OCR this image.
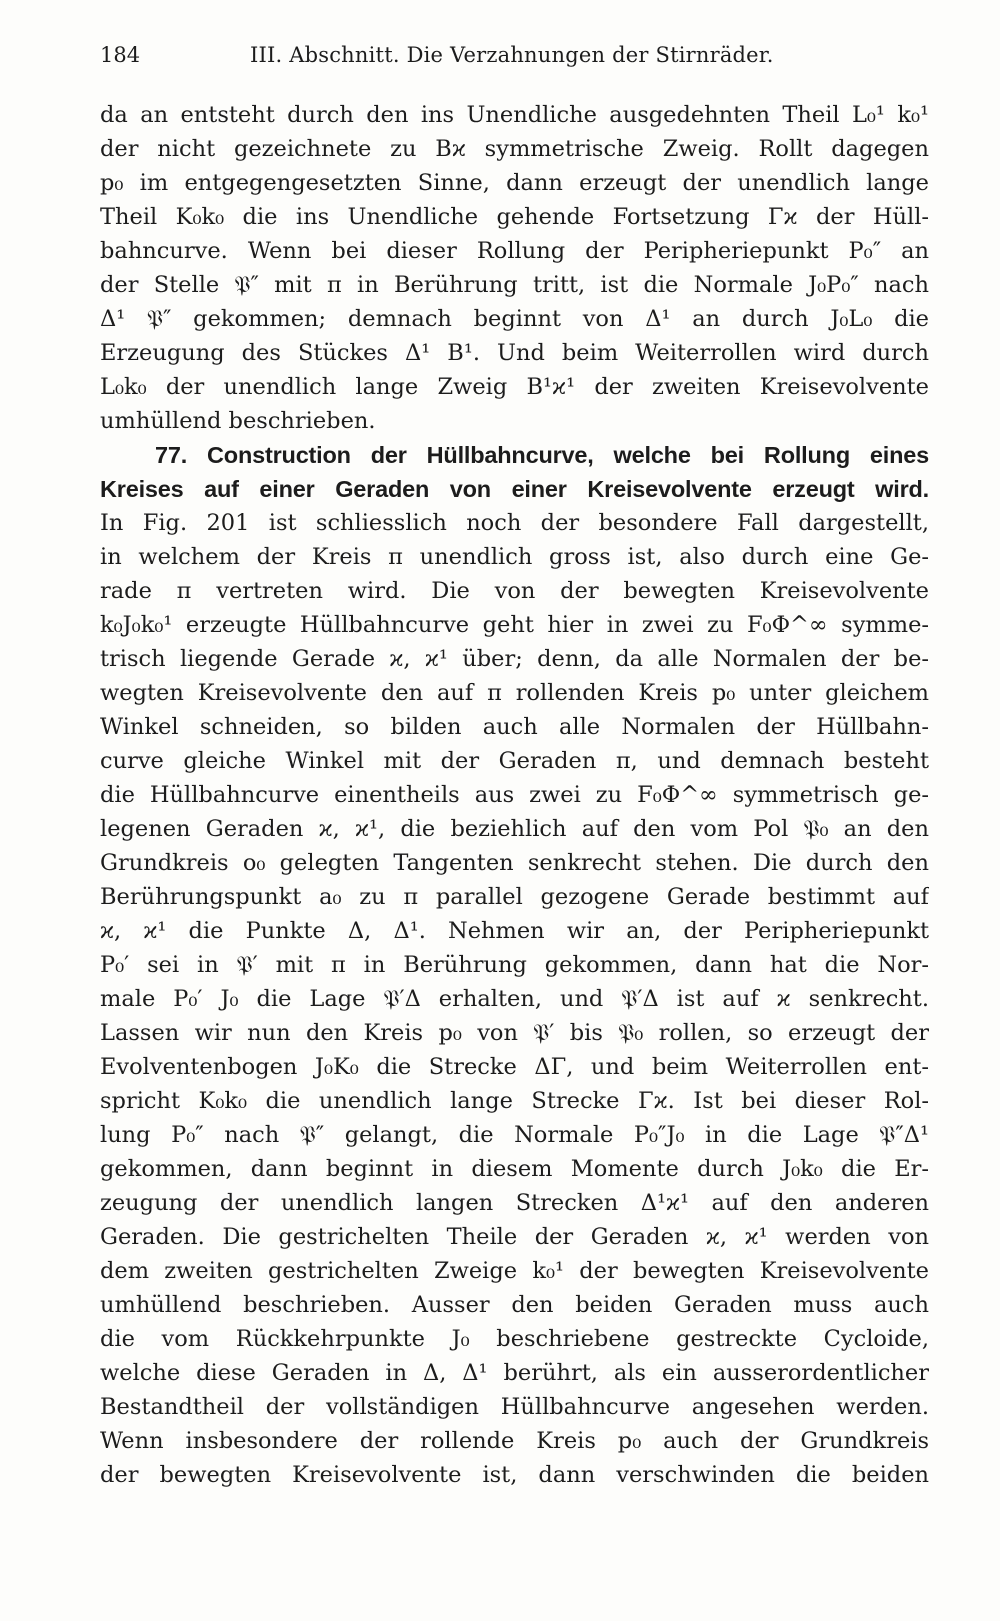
184	III. Abschnitt. Die Verzahnungen der Stirnräder.
da an entsteht durch den ins Unendliche ausgedehnten Theil L₀¹ k₀¹
der nicht gezeichnete zu Bϰ symmetrische Zweig. Rollt dagegen
p₀ im entgegengesetzten Sinne, dann erzeugt der unendlich lange
Theil K₀k₀ die ins Unendliche gehende Fortsetzung Γϰ der Hüll-
bahncurve. Wenn bei dieser Rollung der Peripheriepunkt P₀″ an
der Stelle 𝔓″ mit π in Berührung tritt, ist die Normale J₀P₀″ nach
Δ¹ 𝔓″ gekommen; demnach beginnt von Δ¹ an durch J₀L₀ die
Erzeugung des Stückes Δ¹ B¹. Und beim Weiterrollen wird durch
L₀k₀ der unendlich lange Zweig B¹ϰ¹ der zweiten Kreisevolvente
umhüllend beschrieben.
77. Construction der Hüllbahncurve, welche bei Rollung eines
Kreises auf einer Geraden von einer Kreisevolvente erzeugt wird.
In Fig. 201 ist schliesslich noch der besondere Fall dargestellt,
in welchem der Kreis π unendlich gross ist, also durch eine Ge-
rade π vertreten wird. Die von der bewegten Kreisevolvente
k₀J₀k₀¹ erzeugte Hüllbahncurve geht hier in zwei zu F₀Φ^∞ symme-
trisch liegende Gerade ϰ, ϰ¹ über; denn, da alle Normalen der be-
wegten Kreisevolvente den auf π rollenden Kreis p₀ unter gleichem
Winkel schneiden, so bilden auch alle Normalen der Hüllbahn-
curve gleiche Winkel mit der Geraden π, und demnach besteht
die Hüllbahncurve einentheils aus zwei zu F₀Φ^∞ symmetrisch ge-
legenen Geraden ϰ, ϰ¹, die beziehlich auf den vom Pol 𝔓₀ an den
Grundkreis o₀ gelegten Tangenten senkrecht stehen. Die durch den
Berührungspunkt a₀ zu π parallel gezogene Gerade bestimmt auf
ϰ, ϰ¹ die Punkte Δ, Δ¹. Nehmen wir an, der Peripheriepunkt
P₀′ sei in 𝔓′ mit π in Berührung gekommen, dann hat die Nor-
male P₀′ J₀ die Lage 𝔓′Δ erhalten, und 𝔓′Δ ist auf ϰ senkrecht.
Lassen wir nun den Kreis p₀ von 𝔓′ bis 𝔓₀ rollen, so erzeugt der
Evolventenbogen J₀K₀ die Strecke ΔΓ, und beim Weiterrollen ent-
spricht K₀k₀ die unendlich lange Strecke Γϰ. Ist bei dieser Rol-
lung P₀″ nach 𝔓″ gelangt, die Normale P₀″J₀ in die Lage 𝔓″Δ¹
gekommen, dann beginnt in diesem Momente durch J₀k₀ die Er-
zeugung der unendlich langen Strecken Δ¹ϰ¹ auf den anderen
Geraden. Die gestrichelten Theile der Geraden ϰ, ϰ¹ werden von
dem zweiten gestrichelten Zweige k₀¹ der bewegten Kreisevolvente
umhüllend beschrieben. Ausser den beiden Geraden muss auch
die vom Rückkehrpunkte J₀ beschriebene gestreckte Cycloide,
welche diese Geraden in Δ, Δ¹ berührt, als ein ausserordentlicher
Bestandtheil der vollständigen Hüllbahncurve angesehen werden.
Wenn insbesondere der rollende Kreis p₀ auch der Grundkreis
der bewegten Kreisevolvente ist, dann verschwinden die beiden
